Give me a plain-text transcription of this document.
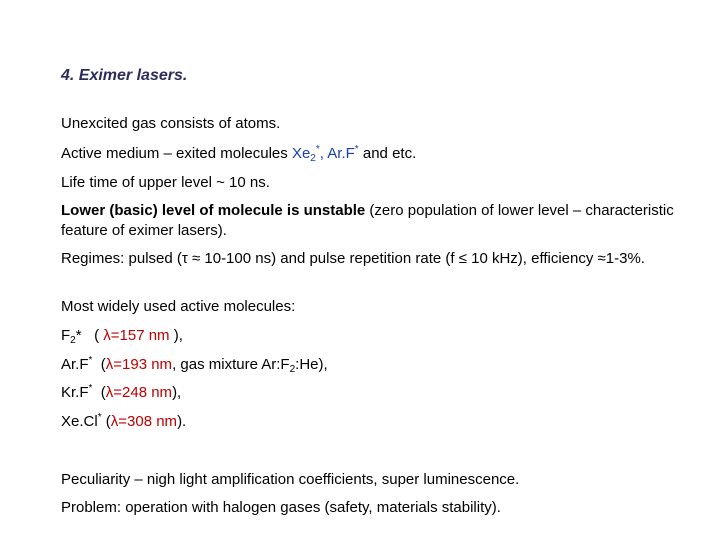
4. Eximer lasers.
Unexcited gas consists of atoms.
Active medium – exited molecules $Xe_2^*$, Ar.F* and etc.
Life time of upper level ~ 10 ns.
Lower (basic) level of molecule is unstable (zero population of lower level – characteristic feature of eximer lasers).
Regimes: pulsed (τ ≈ 10-100 ns) and pulse repetition rate (f ≤ 10 kHz), efficiency ≈1-3%.
Most widely used active molecules:
$F_2*$   ( λ=157 nm ),
Ar.F*  (λ=193 nm, gas mixture $Ar:F_2:He$),
Kr.F*  (λ=248 nm),
Xe.Cl* (λ=308 nm).
Peculiarity – nigh light amplification coefficients, super luminescence.
Problem: operation with halogen gases (safety, materials stability).
